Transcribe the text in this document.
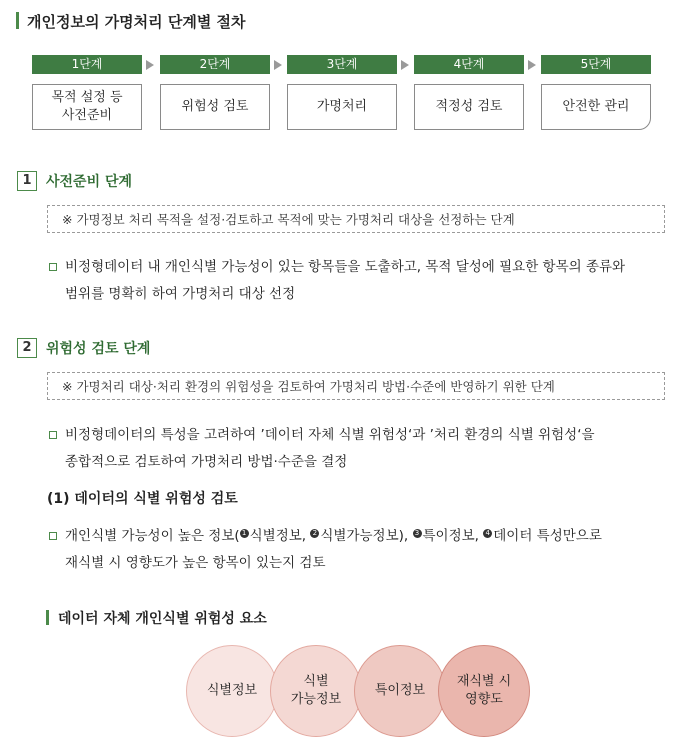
개인정보의 가명처리 단계별 절차
1단계
목적 설정 등
사전준비
2단계
위험성 검토
3단계
가명처리
4단계
적정성 검토
5단계
안전한 관리
1	사전준비 단계
※ 가명정보 처리 목적을 설정·검토하고 목적에 맞는 가명처리 대상을 선정하는 단계
비정형데이터 내 개인식별 가능성이 있는 항목들을 도출하고, 목적 달성에 필요한 항목의 종류와
범위를 명확히 하여 가명처리 대상 선정
2	위험성 검토 단계
※ 가명처리 대상·처리 환경의 위험성을 검토하여 가명처리 방법·수준에 반영하기 위한 단계
비정형데이터의 특성을 고려하여 ’데이터 자체 식별 위험성‘과 ’처리 환경의 식별 위험성‘을
종합적으로 검토하여 가명처리 방법·수준을 결정
(1) 데이터의 식별 위험성 검토
개인식별 가능성이 높은 정보( 1 식별정보, 2 식별가능정보), 3 특이정보, 4 데이터 특성만으로
재식별 시 영향도가 높은 항목이 있는지 검토
데이터 자체 개인식별 위험성 요소
식별정보
식별
가능정보
특이정보
재식별 시
영향도
